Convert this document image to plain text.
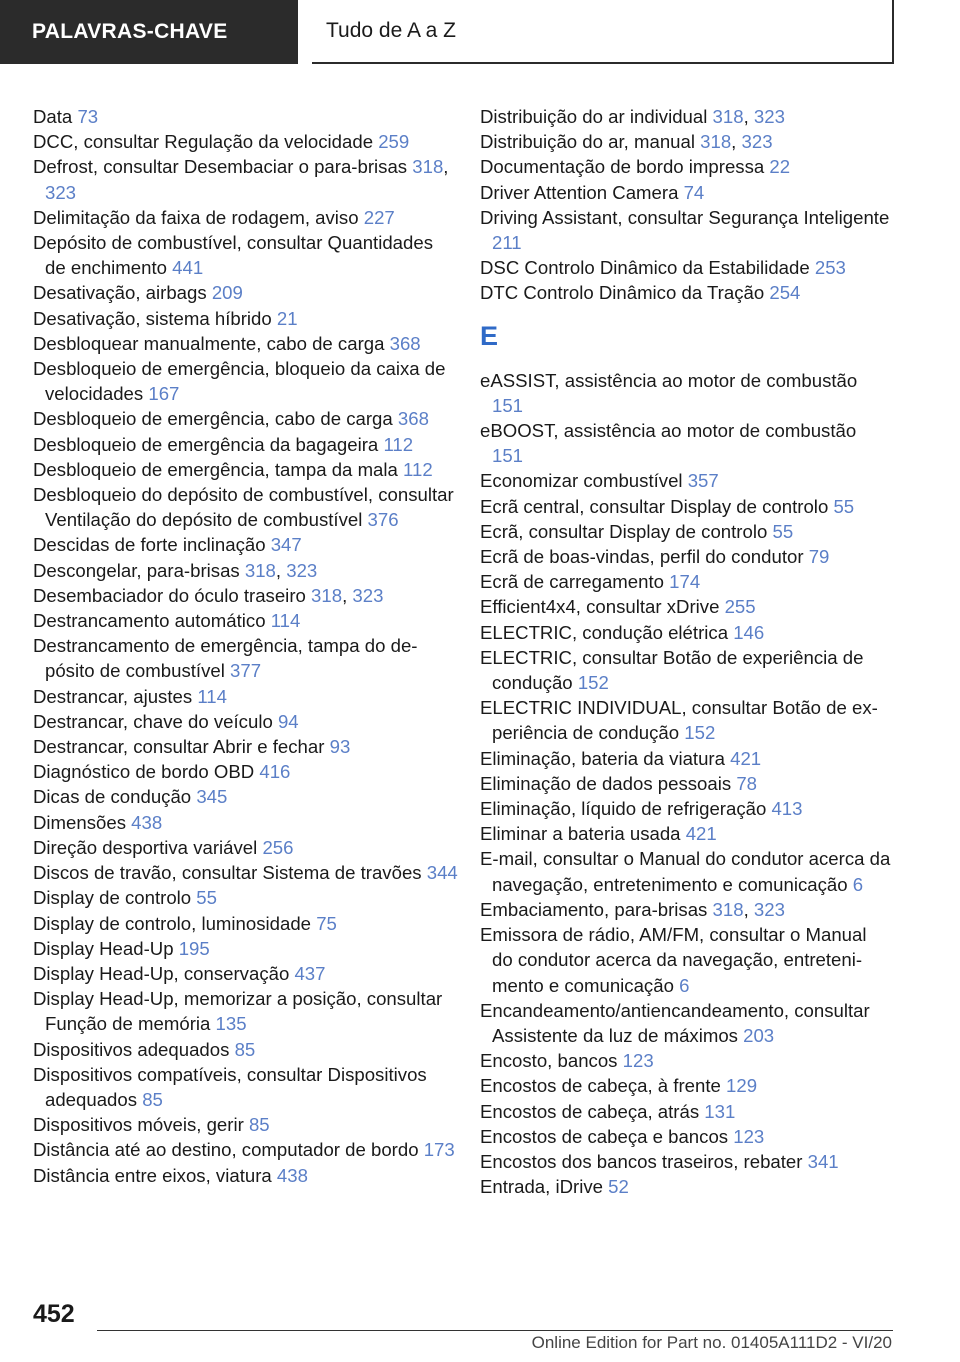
PALAVRAS-CHAVE	Tudo de A a Z

Data 73

DCC, consultar Regulação da velocidade 259

Defrost, consultar Desembaciar o para-brisas 318, 323

Delimitação da faixa de rodagem, aviso 227

Depósito de combustível, consultar Quantidades de enchimento 441

Desativação, airbags 209

Desativação, sistema híbrido 21

Desbloquear manualmente, cabo de carga 368

Desbloqueio de emergência, bloqueio da caixa de velocidades 167

Desbloqueio de emergência, cabo de carga 368

Desbloqueio de emergência da bagageira 112

Desbloqueio de emergência, tampa da mala 112

Desbloqueio do depósito de combustível, consultar Ventilação do depósito de combustível 376

Descidas de forte inclinação 347

Descongelar, para-brisas 318, 323

Desembaciador do óculo traseiro 318, 323

Destrancamento automático 114

Destrancamento de emergência, tampa do depósito de combustível 377

Destrancar, ajustes 114

Destrancar, chave do veículo 94

Destrancar, consultar Abrir e fechar 93

Diagnóstico de bordo OBD 416

Dicas de condução 345

Dimensões 438

Direção desportiva variável 256

Discos de travão, consultar Sistema de travões 344

Display de controlo 55

Display de controlo, luminosidade 75

Display Head-Up 195

Display Head-Up, conservação 437

Display Head-Up, memorizar a posição, consultar Função de memória 135

Dispositivos adequados 85

Dispositivos compatíveis, consultar Dispositivos adequados 85

Dispositivos móveis, gerir 85

Distância até ao destino, computador de bordo 173

Distância entre eixos, viatura 438

Distribuição do ar individual 318, 323

Distribuição do ar, manual 318, 323

Documentação de bordo impressa 22

Driver Attention Camera 74

Driving Assistant, consultar Segurança Inteligente 211

DSC Controlo Dinâmico da Estabilidade 253

DTC Controlo Dinâmico da Tração 254

E

eASSIST, assistência ao motor de combustão 151

eBOOST, assistência ao motor de combustão 151

Economizar combustível 357

Ecrã central, consultar Display de controlo 55

Ecrã, consultar Display de controlo 55

Ecrã de boas-vindas, perfil do condutor 79

Ecrã de carregamento 174

Efficient4x4, consultar xDrive 255

ELECTRIC, condução elétrica 146

ELECTRIC, consultar Botão de experiência de condução 152

ELECTRIC INDIVIDUAL, consultar Botão de experiência de condução 152

Eliminação, bateria da viatura 421

Eliminação de dados pessoais 78

Eliminação, líquido de refrigeração 413

Eliminar a bateria usada 421

E-mail, consultar o Manual do condutor acerca da navegação, entretenimento e comunicação 6

Embaciamento, para-brisas 318, 323

Emissora de rádio, AM/FM, consultar o Manual do condutor acerca da navegação, entretenimento e comunicação 6

Encandeamento/antiencandeamento, consultar Assistente da luz de máximos 203

Encosto, bancos 123

Encostos de cabeça, à frente 129

Encostos de cabeça, atrás 131

Encostos de cabeça e bancos 123

Encostos dos bancos traseiros, rebater 341

Entrada, iDrive 52

452
Online Edition for Part no. 01405A111D2 - VI/20
